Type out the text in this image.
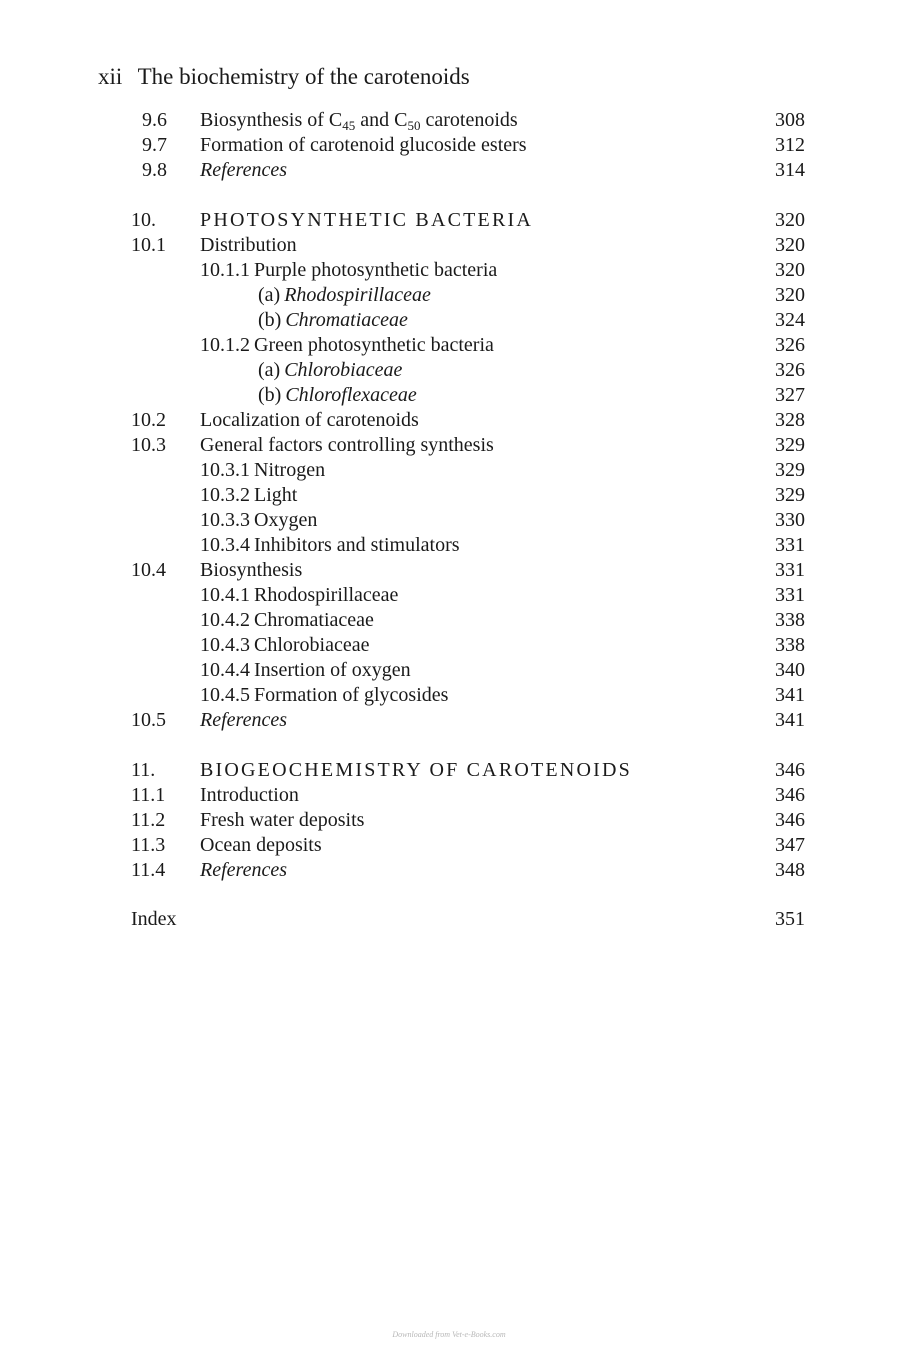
xii The biochemistry of the carotenoids
9.6 Biosynthesis of $C_{45}$ and $C_{50}$ carotenoids	308
9.7 Formation of carotenoid glucoside esters	312
9.8 References	314
10. PHOTOSYNTHETIC BACTERIA	320
10.1 Distribution	320
10.1.1 Purple photosynthetic bacteria	320
(a) Rhodospirillaceae	320
(b) Chromatiaceae	324
10.1.2 Green photosynthetic bacteria	326
(a) Chlorobiaceae	326
(b) Chloroflexaceae	327
10.2 Localization of carotenoids	328
10.3 General factors controlling synthesis	329
10.3.1 Nitrogen	329
10.3.2 Light	329
10.3.3 Oxygen	330
10.3.4 Inhibitors and stimulators	331
10.4 Biosynthesis	331
10.4.1 Rhodospirillaceae	331
10.4.2 Chromatiaceae	338
10.4.3 Chlorobiaceae	338
10.4.4 Insertion of oxygen	340
10.4.5 Formation of glycosides	341
10.5 References	341
11. BIOGEOCHEMISTRY OF CAROTENOIDS	346
11.1 Introduction	346
11.2 Fresh water deposits	346
11.3 Ocean deposits	347
11.4 References	348
Index	351
Downloaded from Vet-e-Books.com
